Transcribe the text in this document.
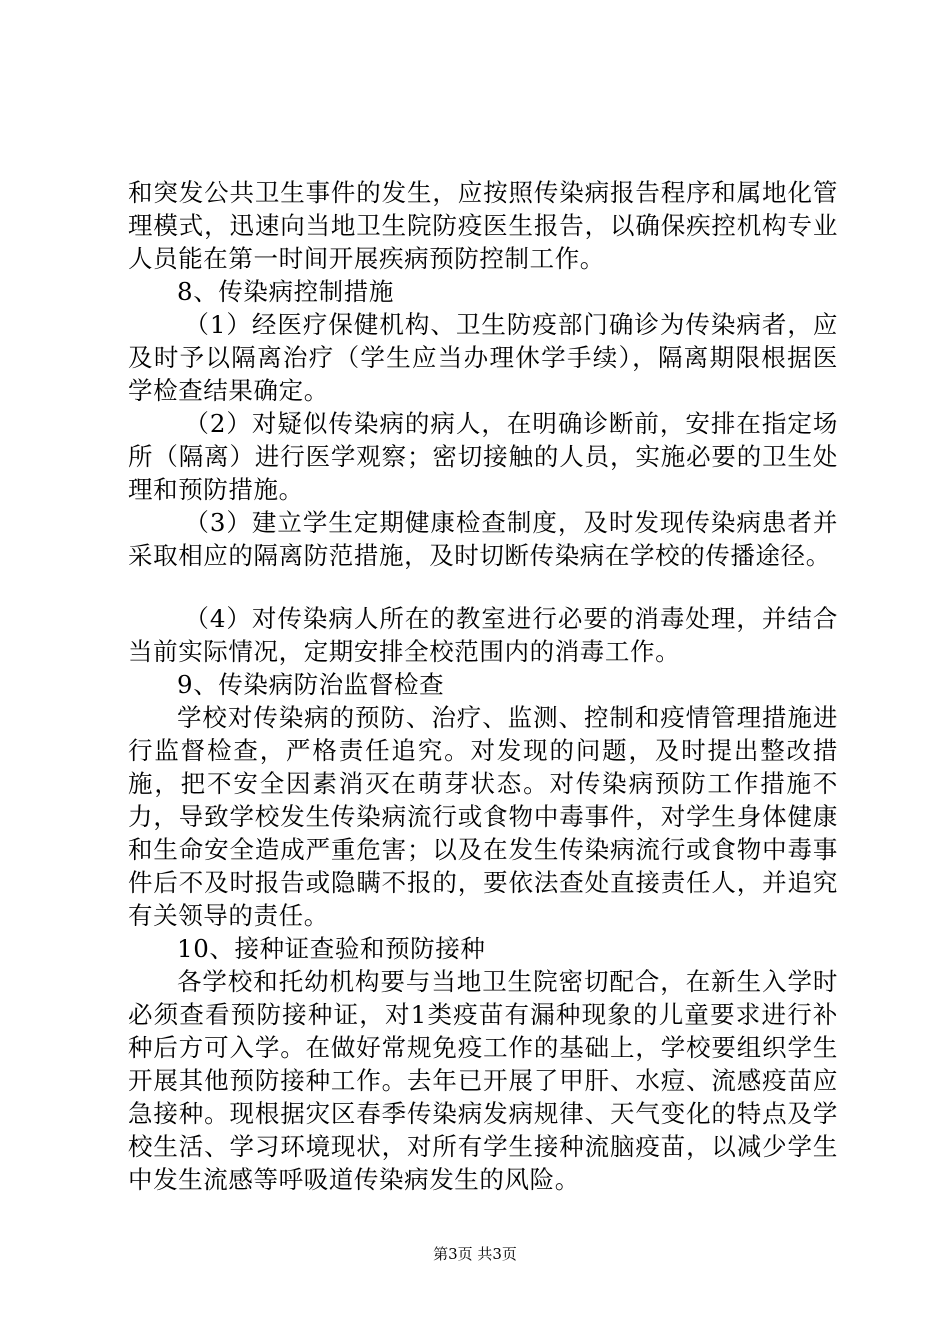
和突发公共卫生事件的发生，应按照传染病报告程序和属地化管理模式，迅速向当地卫生院防疫医生报告，以确保疾控机构专业人员能在第一时间开展疾病预防控制工作。

8、传染病控制措施

（1）经医疗保健机构、卫生防疫部门确诊为传染病者，应及时予以隔离治疗（学生应当办理休学手续），隔离期限根据医学检查结果确定。

（2）对疑似传染病的病人，在明确诊断前，安排在指定场所（隔离）进行医学观察；密切接触的人员，实施必要的卫生处理和预防措施。

（3）建立学生定期健康检查制度，及时发现传染病患者并采取相应的隔离防范措施，及时切断传染病在学校的传播途径。

（4）对传染病人所在的教室进行必要的消毒处理，并结合当前实际情况，定期安排全校范围内的消毒工作。

9、传染病防治监督检查

学校对传染病的预防、治疗、监测、控制和疫情管理措施进行监督检查，严格责任追究。对发现的问题，及时提出整改措施，把不安全因素消灭在萌芽状态。对传染病预防工作措施不力，导致学校发生传染病流行或食物中毒事件，对学生身体健康和生命安全造成严重危害；以及在发生传染病流行或食物中毒事件后不及时报告或隐瞒不报的，要依法查处直接责任人，并追究有关领导的责任。

10、接种证查验和预防接种

各学校和托幼机构要与当地卫生院密切配合，在新生入学时必须查看预防接种证，对1类疫苗有漏种现象的儿童要求进行补种后方可入学。在做好常规免疫工作的基础上，学校要组织学生开展其他预防接种工作。去年已开展了甲肝、水痘、流感疫苗应急接种。现根据灾区春季传染病发病规律、天气变化的特点及学校生活、学习环境现状，对所有学生接种流脑疫苗，以减少学生中发生流感等呼吸道传染病发生的风险。

第3页 共3页
